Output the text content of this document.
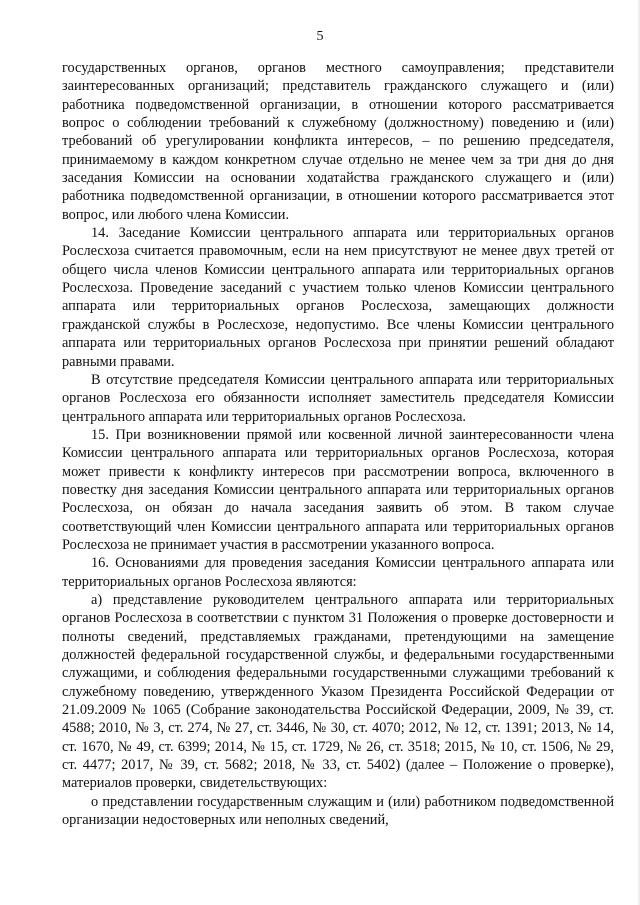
5

государственных органов, органов местного самоуправления; представители заинтересованных организаций; представитель гражданского служащего и (или) работника подведомственной организации, в отношении которого рассматривается вопрос о соблюдении требований к служебному (должностному) поведению и (или) требований об урегулировании конфликта интересов, – по решению председателя, принимаемому в каждом конкретном случае отдельно не менее чем за три дня до дня заседания Комиссии на основании ходатайства гражданского служащего и (или) работника подведомственной организации, в отношении которого рассматривается этот вопрос, или любого члена Комиссии.

14. Заседание Комиссии центрального аппарата или территориальных органов Рослесхоза считается правомочным, если на нем присутствуют не менее двух третей от общего числа членов Комиссии центрального аппарата или территориальных органов Рослесхоза. Проведение заседаний с участием только членов Комиссии центрального аппарата или территориальных органов Рослесхоза, замещающих должности гражданской службы в Рослесхозе, недопустимо. Все члены Комиссии центрального аппарата или территориальных органов Рослесхоза при принятии решений обладают равными правами.

В отсутствие председателя Комиссии центрального аппарата или территориальных органов Рослесхоза его обязанности исполняет заместитель председателя Комиссии центрального аппарата или территориальных органов Рослесхоза.

15. При возникновении прямой или косвенной личной заинтересованности члена Комиссии центрального аппарата или территориальных органов Рослесхоза, которая может привести к конфликту интересов при рассмотрении вопроса, включенного в повестку дня заседания Комиссии центрального аппарата или территориальных органов Рослесхоза, он обязан до начала заседания заявить об этом. В таком случае соответствующий член Комиссии центрального аппарата или территориальных органов Рослесхоза не принимает участия в рассмотрении указанного вопроса.

16. Основаниями для проведения заседания Комиссии центрального аппарата или территориальных органов Рослесхоза являются:

а) представление руководителем центрального аппарата или территориальных органов Рослесхоза в соответствии с пунктом 31 Положения о проверке достоверности и полноты сведений, представляемых гражданами, претендующими на замещение должностей федеральной государственной службы, и федеральными государственными служащими, и соблюдения федеральными государственными служащими требований к служебному поведению, утвержденного Указом Президента Российской Федерации от 21.09.2009 № 1065 (Собрание законодательства Российской Федерации, 2009, № 39, ст. 4588; 2010, № 3, ст. 274, № 27, ст. 3446, № 30, ст. 4070; 2012, № 12, ст. 1391; 2013, № 14, ст. 1670, № 49, ст. 6399; 2014, № 15, ст. 1729, № 26, ст. 3518; 2015, № 10, ст. 1506, № 29, ст. 4477; 2017, № 39, ст. 5682; 2018, № 33, ст. 5402) (далее – Положение о проверке), материалов проверки, свидетельствующих:

о представлении государственным служащим и (или) работником подведомственной организации недостоверных или неполных сведений,
